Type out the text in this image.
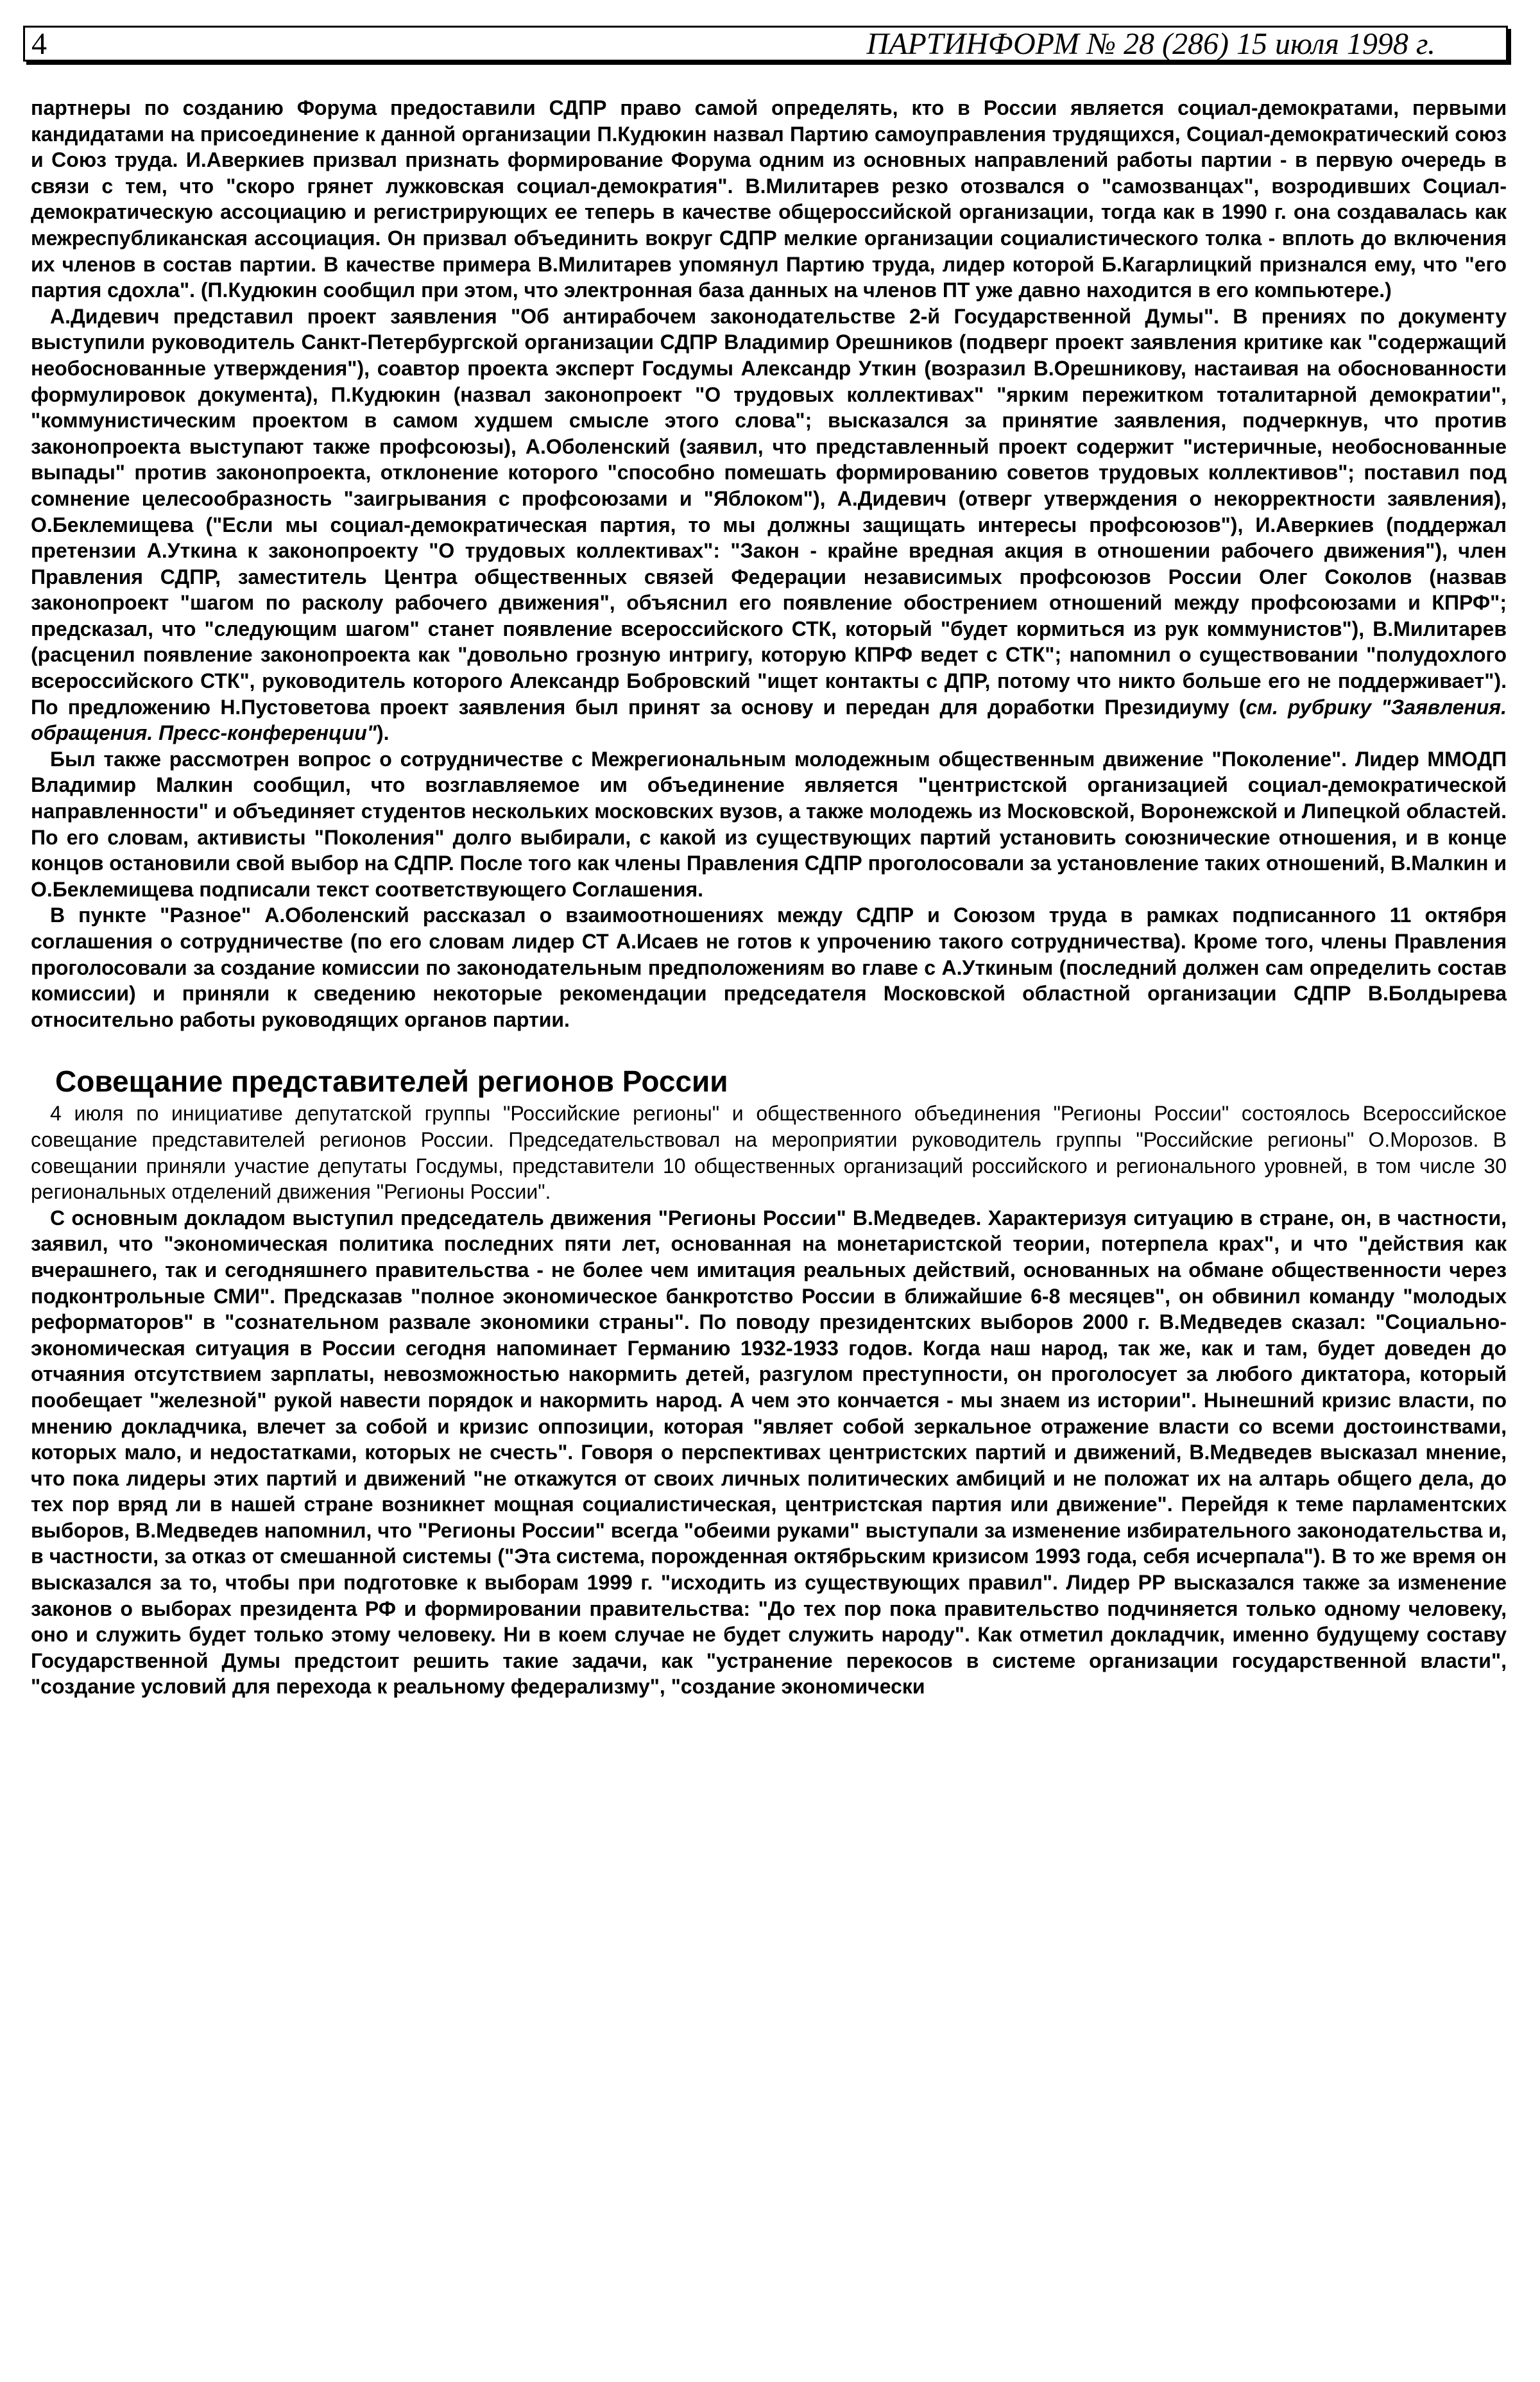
4	ПАРТИНФОРМ № 28 (286) 15 июля 1998 г.

партнеры по созданию Форума предоставили СДПР право самой определять, кто в России является социал-демократами, первыми кандидатами на присоединение к данной организации П.Кудюкин назвал Партию самоуправления трудящихся, Социал-демократический союз и Союз труда. И.Аверкиев призвал признать формирование Форума одним из основных направлений работы партии - в первую очередь в связи с тем, что "скоро грянет лужковская социал-демократия". В.Милитарев резко отозвался о "самозванцах", возродивших Социал-демократическую ассоциацию и регистрирующих ее теперь в качестве общероссийской организации, тогда как в 1990 г. она создавалась как межреспубликанская ассоциация. Он призвал объединить вокруг СДПР мелкие организации социалистического толка - вплоть до включения их членов в состав партии. В качестве примера В.Милитарев упомянул Партию труда, лидер которой Б.Кагарлицкий признался ему, что "его партия сдохла". (П.Кудюкин сообщил при этом, что электронная база данных на членов ПТ уже давно находится в его компьютере.)

А.Дидевич представил проект заявления "Об антирабочем законодательстве 2-й Государственной Думы". В прениях по документу выступили руководитель Санкт-Петербургской организации СДПР Владимир Орешников (подверг проект заявления критике как "содержащий необоснованные утверждения"), соавтор проекта эксперт Госдумы Александр Уткин (возразил В.Орешникову, настаивая на обоснованности формулировок документа), П.Кудюкин (назвал законопроект "О трудовых коллективах" "ярким пережитком тоталитарной демократии", "коммунистическим проектом в самом худшем смысле этого слова"; высказался за принятие заявления, подчеркнув, что против законопроекта выступают также профсоюзы), А.Оболенский (заявил, что представленный проект содержит "истеричные, необоснованные выпады" против законопроекта, отклонение которого "способно помешать формированию советов трудовых коллективов"; поставил под сомнение целесообразность "заигрывания с профсоюзами и "Яблоком"), А.Дидевич (отверг утверждения о некорректности заявления), О.Беклемищева ("Если мы социал-демократическая партия, то мы должны защищать интересы профсоюзов"), И.Аверкиев (поддержал претензии А.Уткина к законопроекту "О трудовых коллективах": "Закон - крайне вредная акция в отношении рабочего движения"), член Правления СДПР, заместитель Центра общественных связей Федерации независимых профсоюзов России Олег Соколов (назвав законопроект "шагом по расколу рабочего движения", объяснил его появление обострением отношений между профсоюзами и КПРФ"; предсказал, что "следующим шагом" станет появление всероссийского СТК, который "будет кормиться из рук коммунистов"), В.Милитарев (расценил появление законопроекта как "довольно грозную интригу, которую КПРФ ведет с СТК"; напомнил о существовании "полудохлого всероссийского СТК", руководитель которого Александр Бобровский "ищет контакты с ДПР, потому что никто больше его не поддерживает"). По предложению Н.Пустоветова проект заявления был принят за основу и передан для доработки Президиуму (см. рубрику "Заявления. обращения. Пресс-конференции").

Был также рассмотрен вопрос о сотрудничестве с Межрегиональным молодежным общественным движение "Поколение". Лидер ММОДП Владимир Малкин сообщил, что возглавляемое им объединение является "центристской организацией социал-демократической направленности" и объединяет студентов нескольких московских вузов, а также молодежь из Московской, Воронежской и Липецкой областей. По его словам, активисты "Поколения" долго выбирали, с какой из существующих партий установить союзнические отношения, и в конце концов остановили свой выбор на СДПР. После того как члены Правления СДПР проголосовали за установление таких отношений, В.Малкин и О.Беклемищева подписали текст соответствующего Соглашения.

В пункте "Разное" А.Оболенский рассказал о взаимоотношениях между СДПР и Союзом труда в рамках подписанного 11 октября соглашения о сотрудничестве (по его словам лидер СТ А.Исаев не готов к упрочению такого сотрудничества). Кроме того, члены Правления проголосовали за создание комиссии по законодательным предположениям во главе с А.Уткиным (последний должен сам определить состав комиссии) и приняли к сведению некоторые рекомендации председателя Московской областной организации СДПР В.Болдырева относительно работы руководящих органов партии.

Совещание представителей регионов России

4 июля по инициативе депутатской группы "Российские регионы" и общественного объединения "Регионы России" состоялось Всероссийское совещание представителей регионов России. Председательствовал на мероприятии руководитель группы "Российские регионы" О.Морозов. В совещании приняли участие депутаты Госдумы, представители 10 общественных организаций российского и регионального уровней, в том числе 30 региональных отделений движения "Регионы России".

С основным докладом выступил председатель движения "Регионы России" В.Медведев. Характеризуя ситуацию в стране, он, в частности, заявил, что "экономическая политика последних пяти лет, основанная на монетаристской теории, потерпела крах", и что "действия как вчерашнего, так и сегодняшнего правительства - не более чем имитация реальных действий, основанных на обмане общественности через подконтрольные СМИ". Предсказав "полное экономическое банкротство России в ближайшие 6-8 месяцев", он обвинил команду "молодых реформаторов" в "сознательном развале экономики страны". По поводу президентских выборов 2000 г. В.Медведев сказал: "Социально-экономическая ситуация в России сегодня напоминает Германию 1932-1933 годов. Когда наш народ, так же, как и там, будет доведен до отчаяния отсутствием зарплаты, невозможностью накормить детей, разгулом преступности, он проголосует за любого диктатора, который пообещает "железной" рукой навести порядок и накормить народ. А чем это кончается - мы знаем из истории". Нынешний кризис власти, по мнению докладчика, влечет за собой и кризис оппозиции, которая "являет собой зеркальное отражение власти со всеми достоинствами, которых мало, и недостатками, которых не счесть". Говоря о перспективах центристских партий и движений, В.Медведев высказал мнение, что пока лидеры этих партий и движений "не откажутся от своих личных политических амбиций и не положат их на алтарь общего дела, до тех пор вряд ли в нашей стране возникнет мощная социалистическая, центристская партия или движение". Перейдя к теме парламентских выборов, В.Медведев напомнил, что "Регионы России" всегда "обеими руками" выступали за изменение избирательного законодательства и, в частности, за отказ от смешанной системы ("Эта система, порожденная октябрьским кризисом 1993 года, себя исчерпала"). В то же время он высказался за то, чтобы при подготовке к выборам 1999 г. "исходить из существующих правил". Лидер РР высказался также за изменение законов о выборах президента РФ и формировании правительства: "До тех пор пока правительство подчиняется только одному человеку, оно и служить будет только этому человеку. Ни в коем случае не будет служить народу". Как отметил докладчик, именно будущему составу Государственной Думы предстоит решить такие задачи, как "устранение перекосов в системе организации государственной власти", "создание условий для перехода к реальному федерализму", "создание экономически
